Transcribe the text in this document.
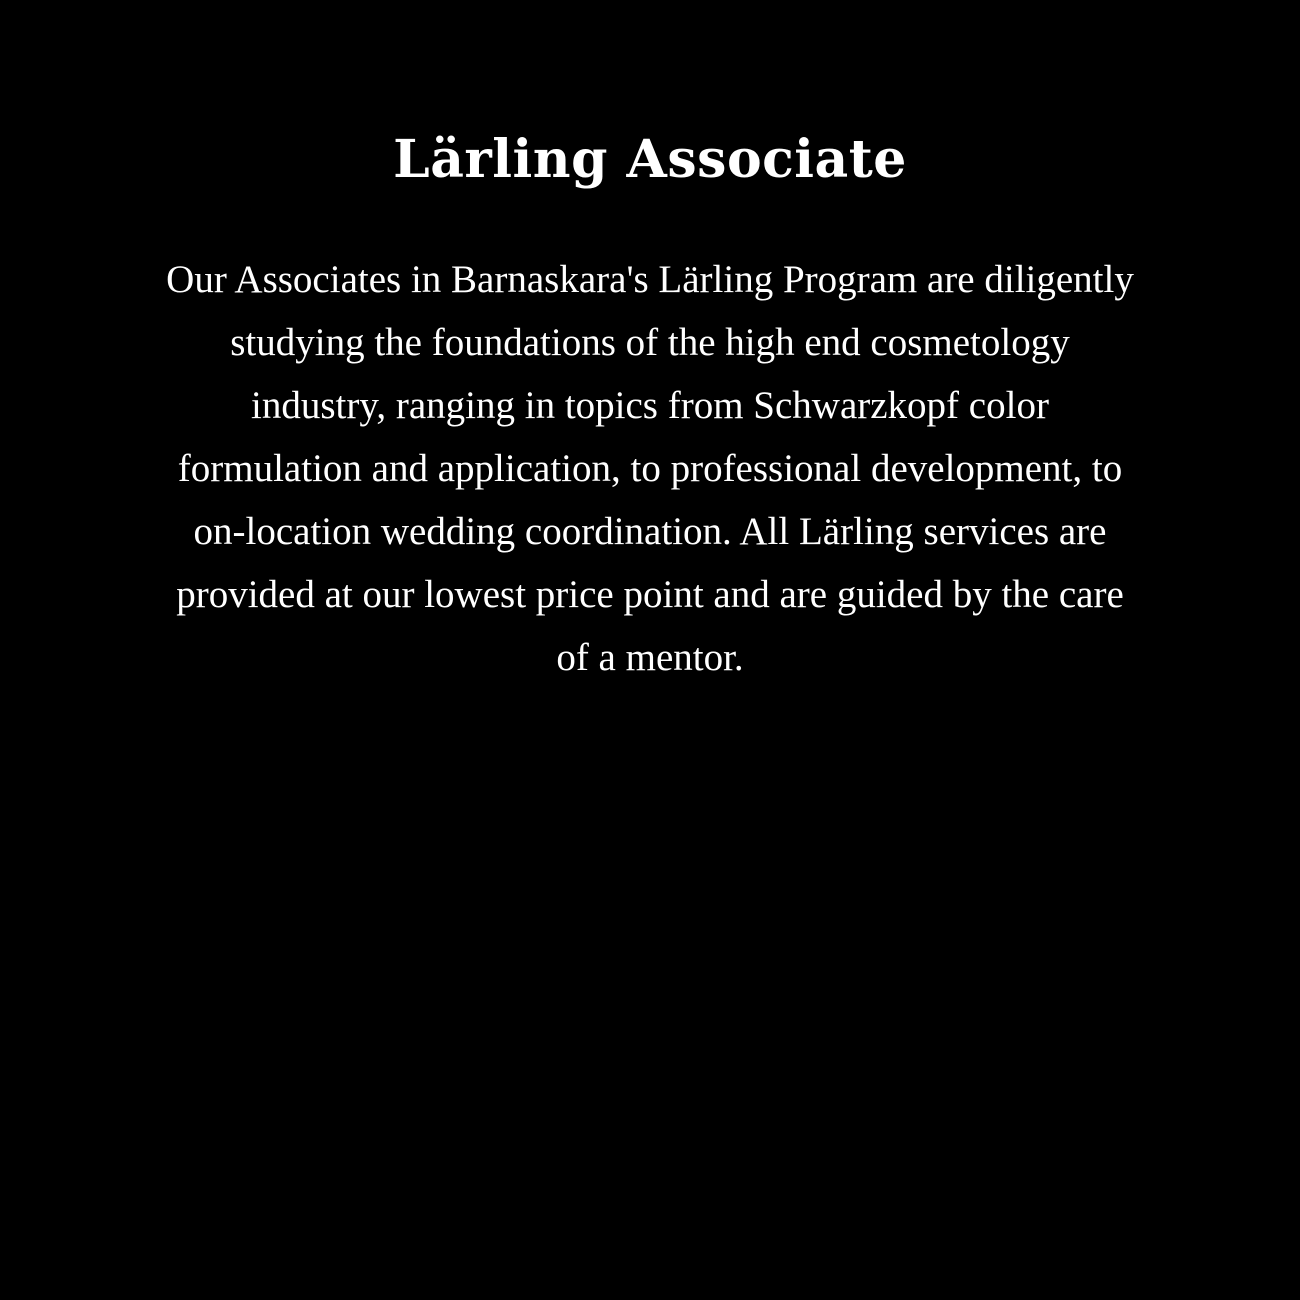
Lärling Associate

Our Associates in Barnaskara's Lärling Program are diligently studying the foundations of the high end cosmetology industry, ranging in topics from Schwarzkopf color formulation and application, to professional development, to on-location wedding coordination. All Lärling services are provided at our lowest price point and are guided by the care of a mentor.
